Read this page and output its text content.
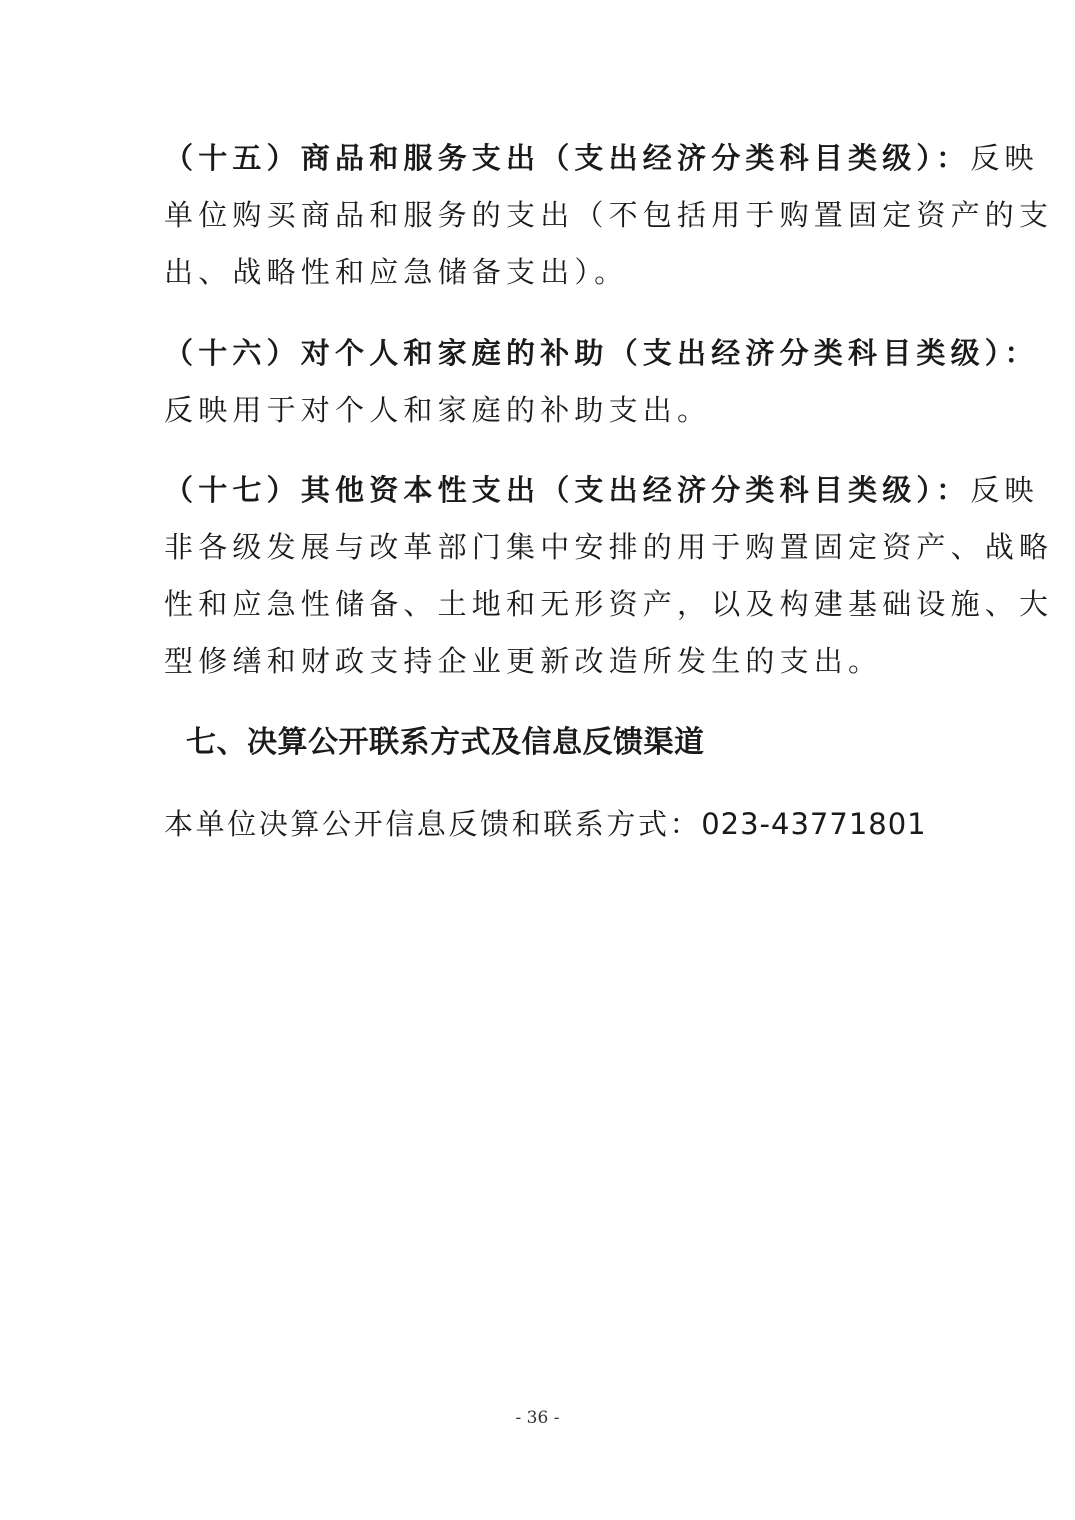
（十五）商品和服务支出（支出经济分类科目类级）：反映
单位购买商品和服务的支出（不包括用于购置固定资产的支
出、战略性和应急储备支出）。
（十六）对个人和家庭的补助（支出经济分类科目类级）：
反映用于对个人和家庭的补助支出。
（十七）其他资本性支出（支出经济分类科目类级）：反映
非各级发展与改革部门集中安排的用于购置固定资产、战略
性和应急性储备、土地和无形资产，以及构建基础设施、大
型修缮和财政支持企业更新改造所发生的支出。
七、决算公开联系方式及信息反馈渠道
本单位决算公开信息反馈和联系方式：023-43771801
- 36 -
